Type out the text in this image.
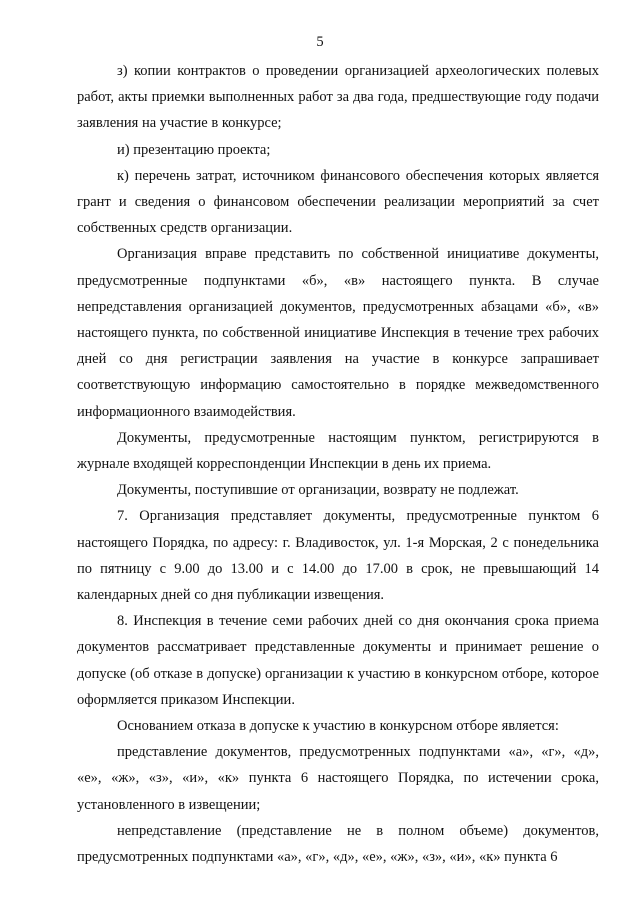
5

з) копии контрактов о проведении организацией археологических полевых работ, акты приемки выполненных работ за два года, предшествующие году подачи заявления на участие в конкурсе;

и) презентацию проекта;

к) перечень затрат, источником финансового обеспечения которых является грант и сведения о финансовом обеспечении реализации мероприятий за счет собственных средств организации.

Организация вправе представить по собственной инициативе документы, предусмотренные подпунктами «б», «в» настоящего пункта. В случае непредставления организацией документов, предусмотренных абзацами «б», «в» настоящего пункта, по собственной инициативе Инспекция в течение трех рабочих дней со дня регистрации заявления на участие в конкурсе запрашивает соответствующую информацию самостоятельно в порядке межведомственного информационного взаимодействия.

Документы, предусмотренные настоящим пунктом, регистрируются в журнале входящей корреспонденции Инспекции в день их приема.

Документы, поступившие от организации, возврату не подлежат.

7. Организация представляет документы, предусмотренные пунктом 6 настоящего Порядка, по адресу: г. Владивосток, ул. 1-я Морская, 2 с понедельника по пятницу с 9.00 до 13.00 и с 14.00 до 17.00 в срок, не превышающий 14 календарных дней со дня публикации извещения.

8. Инспекция в течение семи рабочих дней со дня окончания срока приема документов рассматривает представленные документы и принимает решение о допуске (об отказе в допуске) организации к участию в конкурсном отборе, которое оформляется приказом Инспекции.

Основанием отказа в допуске к участию в конкурсном отборе является:

представление документов, предусмотренных подпунктами «а», «г», «д», «е», «ж», «з», «и», «к» пункта 6 настоящего Порядка, по истечении срока, установленного в извещении;

непредставление (представление не в полном объеме) документов, предусмотренных подпунктами «а», «г», «д», «е», «ж», «з», «и», «к» пункта 6
